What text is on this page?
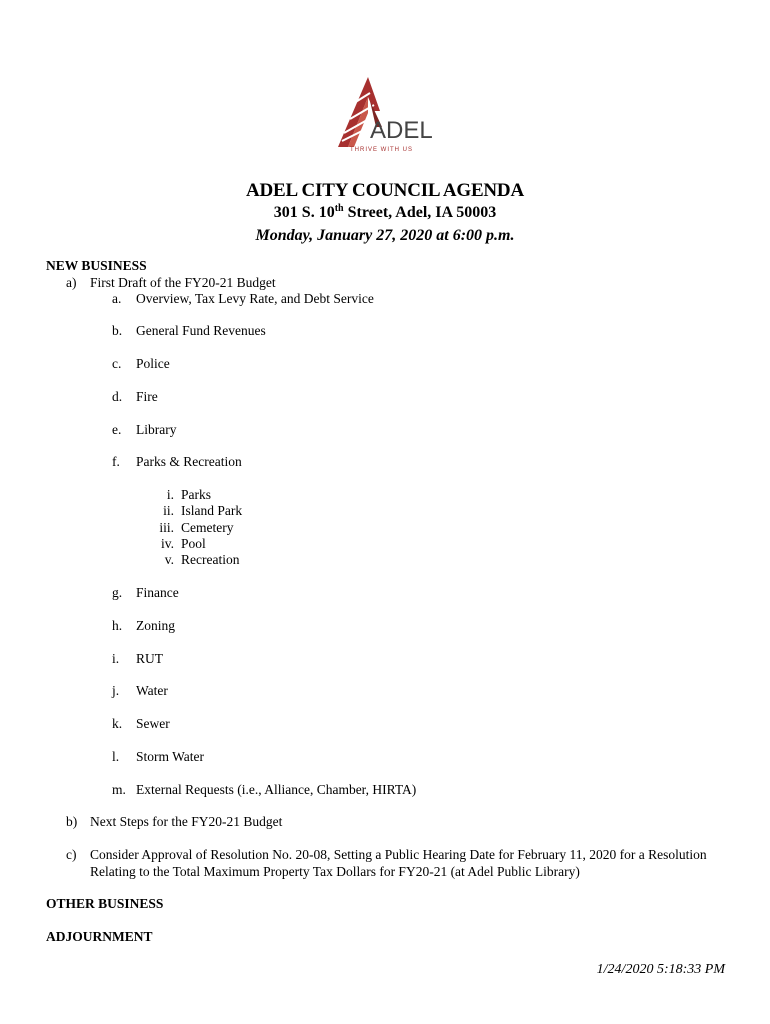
ADEL
THRIVE WITH US
ADEL CITY COUNCIL AGENDA
301 S. 10th Street, Adel, IA 50003
Monday, January 27, 2020 at 6:00 p.m.
NEW BUSINESS
a) First Draft of the FY20-21 Budget
a. Overview, Tax Levy Rate, and Debt Service
b. General Fund Revenues
c. Police
d. Fire
e. Library
f. Parks & Recreation
i. Parks
ii. Island Park
iii. Cemetery
iv. Pool
v. Recreation
g. Finance
h. Zoning
i. RUT
j. Water
k. Sewer
l. Storm Water
m. External Requests (i.e., Alliance, Chamber, HIRTA)
b) Next Steps for the FY20-21 Budget
c) Consider Approval of Resolution No. 20-08, Setting a Public Hearing Date for February 11, 2020 for a Resolution
Relating to the Total Maximum Property Tax Dollars for FY20-21 (at Adel Public Library)
OTHER BUSINESS
ADJOURNMENT
1/24/2020 5:18:33 PM
